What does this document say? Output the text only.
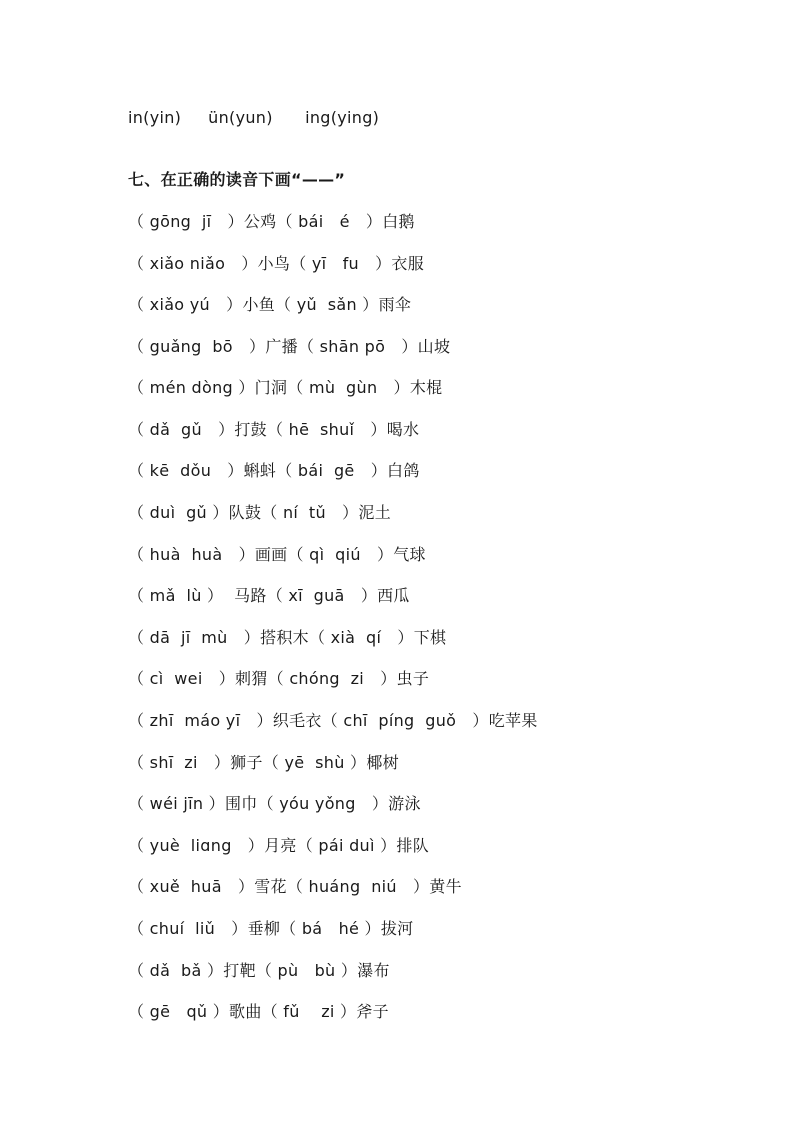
in(yin)     ün(yun)      ing(ying)
七、在正确的读音下画“——”
（ gōng  jī   ）公鸡（ bái   é   ）白鹅
（ xiǎo niǎo   ）小鸟（ yī   fu   ）衣服
（ xiǎo yú   ）小鱼（ yǔ  sǎn ）雨伞
（ guǎng  bō   ）广播（ shān pō   ）山坡
（ mén dòng ）门洞（ mù  gùn   ）木棍
（ dǎ  gǔ   ）打鼓（ hē  shuǐ   ）喝水
（ kē  dǒu   ）蝌蚪（ bái  gē   ）白鸽
（ duì  gǔ ）队鼓（ ní  tǔ   ）泥土
（ huà  huà   ）画画（ qì  qiú   ）气球
（ mǎ  lù ）  马路（ xī  guā   ）西瓜
（ dā  jī  mù   ）搭积木（ xià  qí   ）下棋
（ cì  wei   ）刺猬（ chóng  zi   ）虫子
（ zhī  máo yī   ）织毛衣（ chī  píng  guǒ   ）吃苹果
（ shī  zi   ）狮子（ yē  shù ）椰树
（ wéi jīn ）围巾（ yóu yǒng   ）游泳
（ yuè  liɑng   ）月亮（ pái duì ）排队
（ xuě  huā   ）雪花（ huáng  niú   ）黄牛
（ chuí  liǔ   ）垂柳（ bá   hé ）拔河
（ dǎ  bǎ ）打靶（ pù   bù ）瀑布
（ gē   qǔ ）歌曲（ fǔ    zi ）斧子
